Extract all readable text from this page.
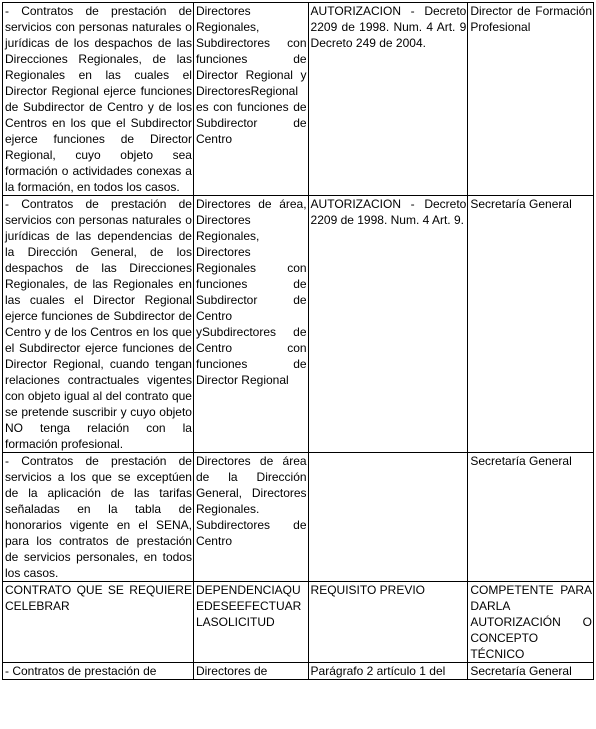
- Contratos de prestación de servicios con personas naturales o jurídicas de los despachos de las Direcciones Regionales, de las Regionales en las cuales el Director Regional ejerce funciones de Subdirector de Centro y de los Centros en los que el Subdirector ejerce funciones de Director Regional, cuyo objeto sea formación o actividades conexas a la formación, en todos los casos.	Directores Regionales, Subdirectores con funciones de Director Regional y DirectoresRegional es con funciones de Subdirector de Centro	AUTORIZACION - Decreto 2209 de 1998. Num. 4 Art. 9 Decreto 249 de 2004.	Director de Formación Profesional
- Contratos de prestación de servicios con personas naturales o jurídicas de las dependencias de la Dirección General, de los despachos de las Direcciones Regionales, de las Regionales en las cuales el Director Regional ejerce funciones de Subdirector de Centro y de los Centros en los que el Subdirector ejerce funciones de Director Regional, cuando tengan relaciones contractuales vigentes con objeto igual al del contrato que se pretende suscribir y cuyo objeto NO tenga relación con la formación profesional.	Directores de área, Directores Regionales, Directores Regionales con funciones de Subdirector de Centro ySubdirectores de Centro con funciones de Director Regional	AUTORIZACION - Decreto 2209 de 1998. Num. 4 Art. 9.	Secretaría General
- Contratos de prestación de servicios a los que se exceptúen de la aplicación de las tarifas señaladas en la tabla de honorarios vigente en el SENA, para los contratos de prestación de servicios personales, en todos los casos.	Directores de área de la Dirección General, Directores Regionales. Subdirectores de Centro		Secretaría General
CONTRATO QUE SE REQUIERE CELEBRAR	DEPENDENCIAQUEDESEEFECTUARLASOLICITUD	REQUISITO PREVIO	COMPETENTE PARA DARLA AUTORIZACIÓN O CONCEPTO TÉCNICO
- Contratos de prestación de	Directores de	Parágrafo 2 artículo 1 del	Secretaría General
